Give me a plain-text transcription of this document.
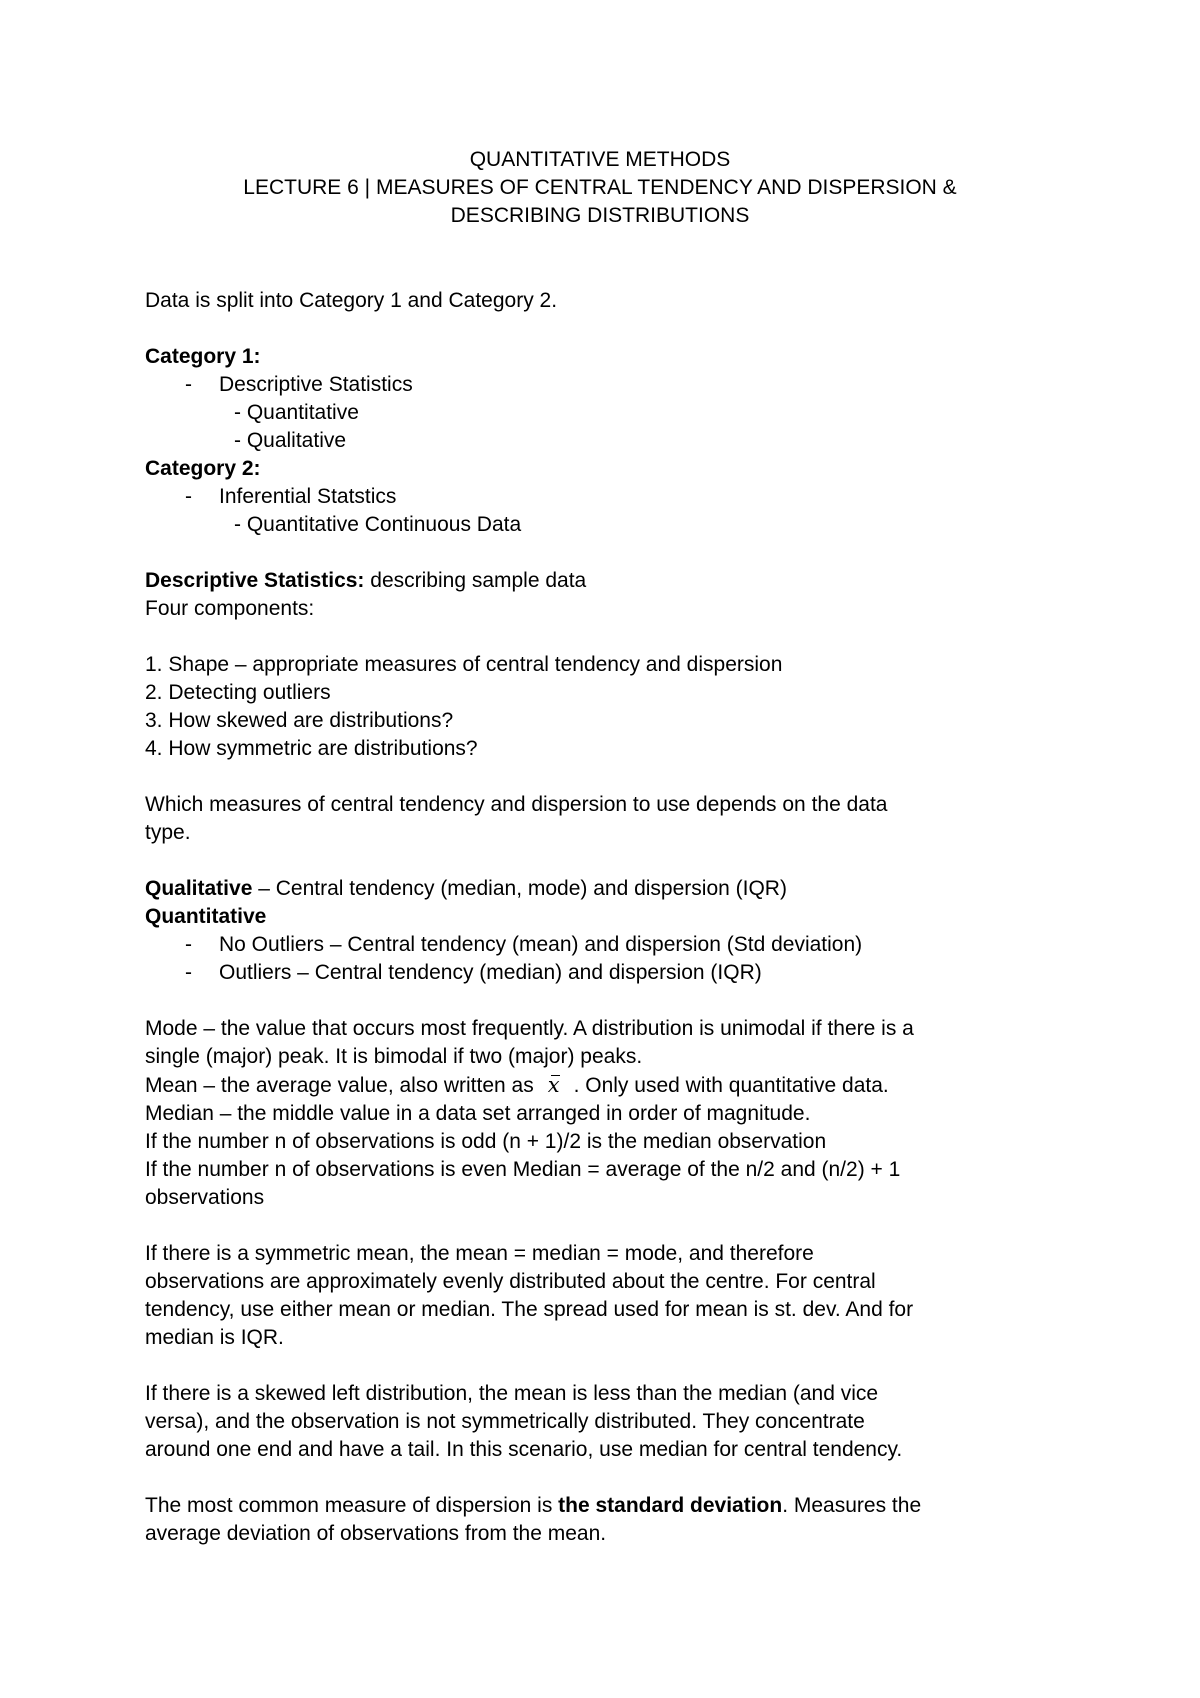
QUANTITATIVE METHODS

LECTURE 6 | MEASURES OF CENTRAL TENDENCY AND DISPERSION &

DESCRIBING DISTRIBUTIONS

Data is split into Category 1 and Category 2.

Category 1:

-	Descriptive Statistics

- Quantitative

- Qualitative

Category 2:

-	Inferential Statstics

- Quantitative Continuous Data

Descriptive Statistics: describing sample data

Four components:

1. Shape – appropriate measures of central tendency and dispersion

2. Detecting outliers

3. How skewed are distributions?

4. How symmetric are distributions?

Which measures of central tendency and dispersion to use depends on the data

type.

Qualitative – Central tendency (median, mode) and dispersion (IQR)

Quantitative

-	No Outliers – Central tendency (mean) and dispersion (Std deviation)
-	Outliers – Central tendency (median) and dispersion (IQR)

Mode – the value that occurs most frequently. A distribution is unimodal if there is a

single (major) peak. It is bimodal if two (major) peaks.

Mean – the average value, also written as x . Only used with quantitative data.

Median – the middle value in a data set arranged in order of magnitude.

If the number n of observations is odd (n + 1)/2 is the median observation

If the number n of observations is even Median = average of the n/2 and (n/2) + 1

observations

If there is a symmetric mean, the mean = median = mode, and therefore

observations are approximately evenly distributed about the centre. For central

tendency, use either mean or median. The spread used for mean is st. dev. And for

median is IQR.

If there is a skewed left distribution, the mean is less than the median (and vice

versa), and the observation is not symmetrically distributed. They concentrate

around one end and have a tail. In this scenario, use median for central tendency.

The most common measure of dispersion is the standard deviation. Measures the

average deviation of observations from the mean.
